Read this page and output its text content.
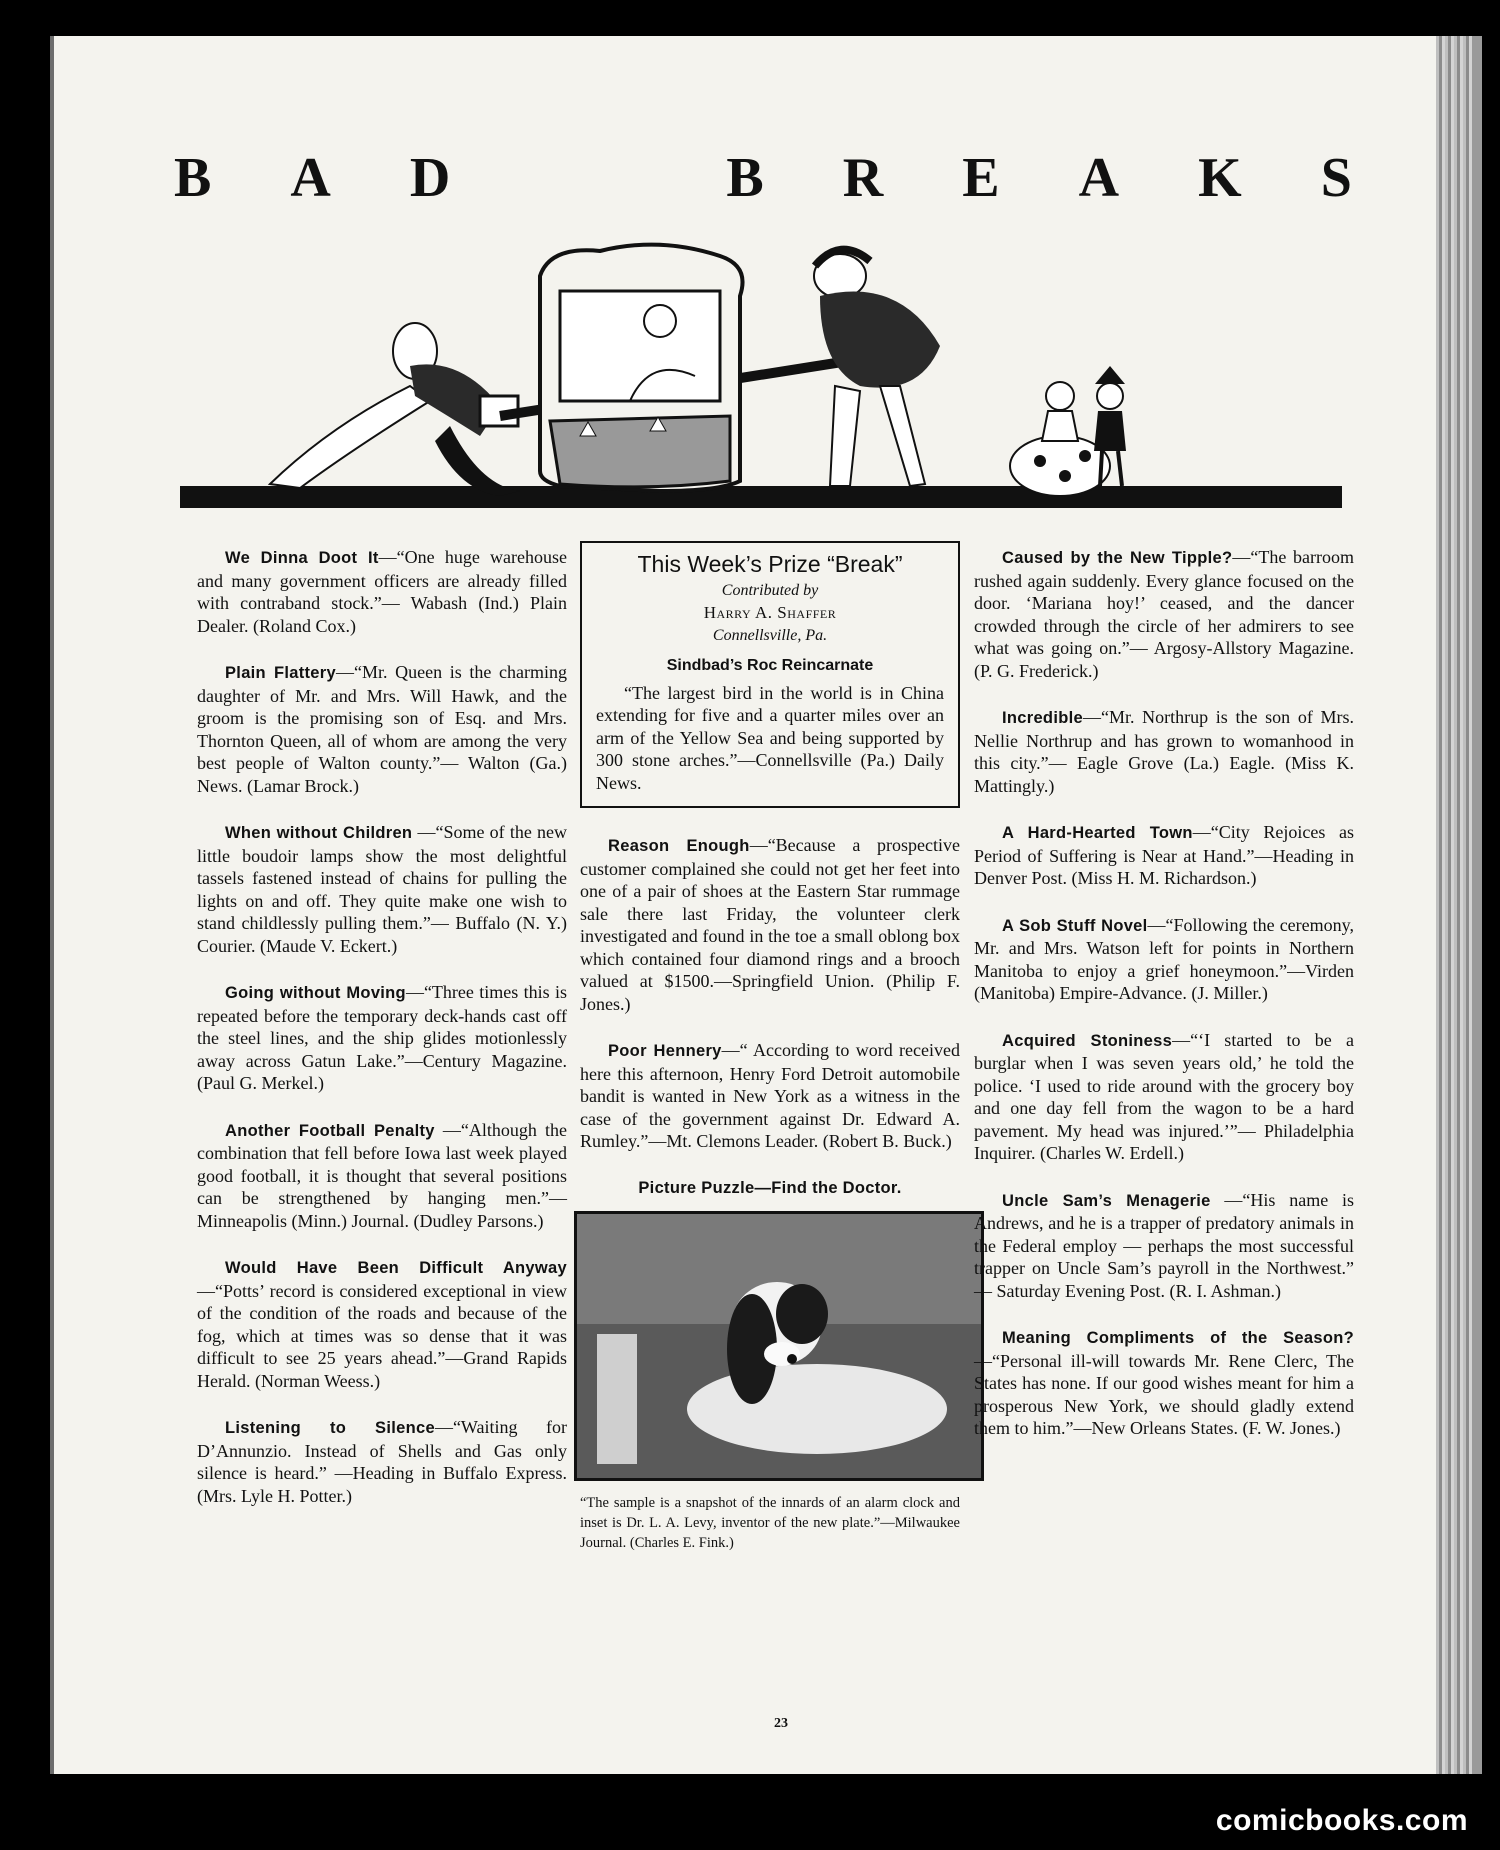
B A D	B R E A K S

We Dinna Doot It—“One huge warehouse and many government officers are already filled with contraband stock.”— Wabash (Ind.) Plain Dealer. (Roland Cox.)

Plain Flattery—“Mr. Queen is the charming daughter of Mr. and Mrs. Will Hawk, and the groom is the promising son of Esq. and Mrs. Thornton Queen, all of whom are among the very best people of Walton county.”— Walton (Ga.) News. (Lamar Brock.)

When without Children —“Some of the new little boudoir lamps show the most delightful tassels fastened instead of chains for pulling the lights on and off. They quite make one wish to stand childlessly pulling them.”— Buffalo (N. Y.) Courier. (Maude V. Eckert.)

Going without Moving—“Three times this is repeated before the temporary deck-hands cast off the steel lines, and the ship glides motionlessly away across Gatun Lake.”—Century Magazine. (Paul G. Merkel.)

Another Football Penalty —“Although the combination that fell before Iowa last week played good football, it is thought that several positions can be strengthened by hanging men.”— Minneapolis (Minn.) Journal. (Dudley Parsons.)

Would Have Been Difficult Anyway—“Potts’ record is considered exceptional in view of the condition of the roads and because of the fog, which at times was so dense that it was difficult to see 25 years ahead.”—Grand Rapids Herald. (Norman Weess.)

Listening to Silence—“Waiting for D’Annunzio. Instead of Shells and Gas only silence is heard.” —Heading in Buffalo Express. (Mrs. Lyle H. Potter.)

This Week’s Prize “Break”
Contributed by
Harry A. Shaffer
Connellsville, Pa.
Sindbad’s Roc Reincarnate
“The largest bird in the world is in China extending for five and a quarter miles over an arm of the Yellow Sea and being supported by 300 stone arches.”—Connellsville (Pa.) Daily News.

Reason Enough—“Because a prospective customer complained she could not get her feet into one of a pair of shoes at the Eastern Star rummage sale there last Friday, the volunteer clerk investigated and found in the toe a small oblong box which contained four diamond rings and a brooch valued at $1500.—Springfield Union. (Philip F. Jones.)

Poor Hennery—“ According to word received here this afternoon, Henry Ford Detroit automobile bandit is wanted in New York as a witness in the case of the government against Dr. Edward A. Rumley.”—Mt. Clemons Leader. (Robert B. Buck.)

Picture Puzzle—Find the Doctor.
“The sample is a snapshot of the innards of an alarm clock and inset is Dr. L. A. Levy, inventor of the new plate.”—Milwaukee Journal. (Charles E. Fink.)

Caused by the New Tipple?—“The barroom rushed again suddenly. Every glance focused on the door. ‘Mariana hoy!’ ceased, and the dancer crowded through the circle of her admirers to see what was going on.”— Argosy-Allstory Magazine. (P. G. Frederick.)

Incredible—“Mr. Northrup is the son of Mrs. Nellie Northrup and has grown to womanhood in this city.”— Eagle Grove (La.) Eagle. (Miss K. Mattingly.)

A Hard-Hearted Town—“City Rejoices as Period of Suffering is Near at Hand.”—Heading in Denver Post. (Miss H. M. Richardson.)

A Sob Stuff Novel—“Following the ceremony, Mr. and Mrs. Watson left for points in Northern Manitoba to enjoy a grief honeymoon.”—Virden (Manitoba) Empire-Advance. (J. Miller.)

Acquired Stoniness—“‘I started to be a burglar when I was seven years old,’ he told the police. ‘I used to ride around with the grocery boy and one day fell from the wagon to be a hard pavement. My head was injured.’”— Philadelphia Inquirer. (Charles W. Erdell.)

Uncle Sam’s Menagerie —“His name is Andrews, and he is a trapper of predatory animals in the Federal employ — perhaps the most successful trapper on Uncle Sam’s payroll in the Northwest.” — Saturday Evening Post. (R. I. Ashman.)

Meaning Compliments of the Season?—“Personal ill-will towards Mr. Rene Clerc, The States has none. If our good wishes meant for him a prosperous New York, we should gladly extend them to him.”—New Orleans States. (F. W. Jones.)

23
comicbooks.com
